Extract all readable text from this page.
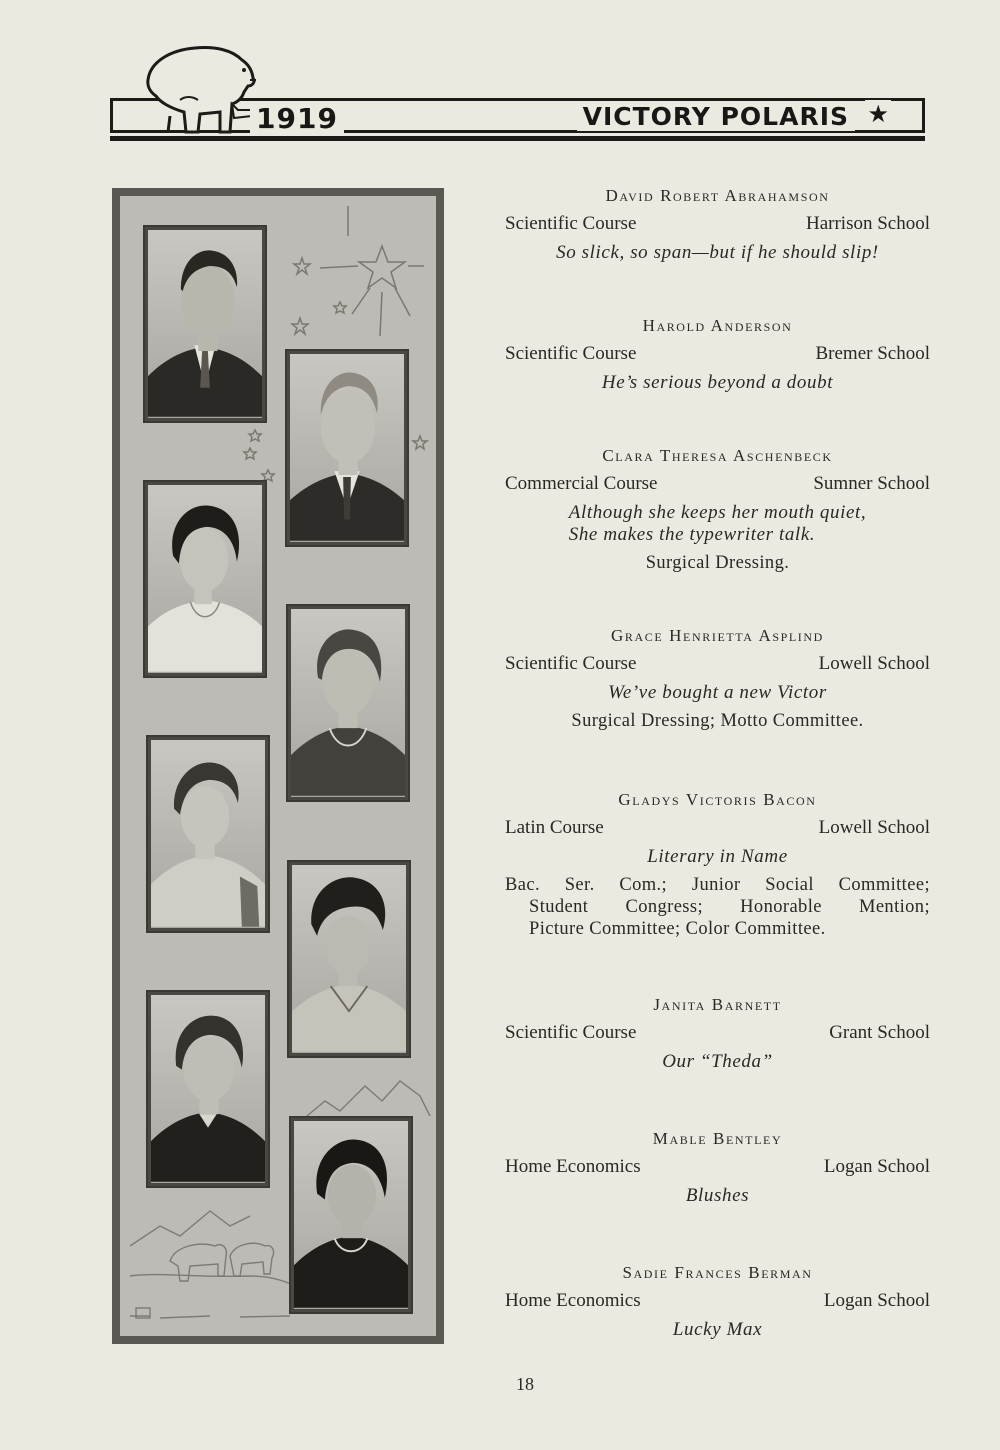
1919	VICTORY POLARIS ★
David Robert Abrahamson
Scientific Course	Harrison School
So slick, so span—but if he should slip!
Harold Anderson
Scientific Course	Bremer School
He’s serious beyond a doubt
Clara Theresa Aschenbeck
Commercial Course	Sumner School
Although she keeps her mouth quiet,
She makes the typewriter talk.
Surgical Dressing.
Grace Henrietta Asplind
Scientific Course	Lowell School
We’ve bought a new Victor
Surgical Dressing; Motto Committee.
Gladys Victoris Bacon
Latin Course	Lowell School
Literary in Name
Bac. Ser. Com.; Junior Social Committee;
Student Congress; Honorable Mention;
Picture Committee; Color Committee.
Janita Barnett
Scientific Course	Grant School
Our “Theda”
Mable Bentley
Home Economics	Logan School
Blushes
Sadie Frances Berman
Home Economics	Logan School
Lucky Max
18
